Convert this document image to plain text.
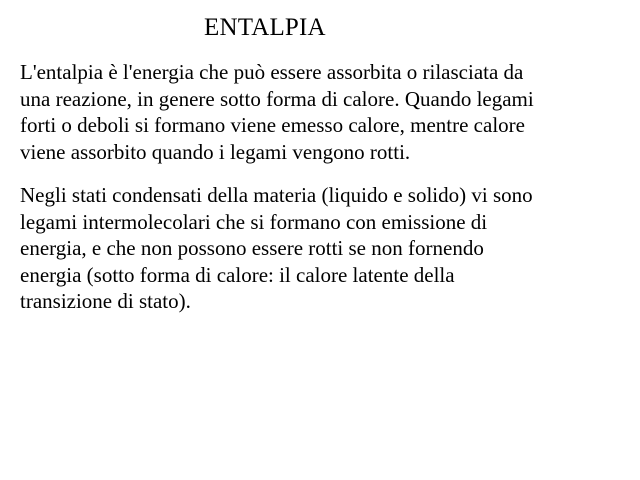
ENTALPIA

L'entalpia è l'energia che può essere assorbita o rilasciata da
una reazione, in genere sotto forma di calore. Quando legami
forti o deboli si formano viene emesso calore, mentre calore
viene assorbito quando i legami vengono rotti.

Negli stati condensati della materia (liquido e solido) vi sono
legami intermolecolari che si formano con emissione di
energia, e che non possono essere rotti se non fornendo
energia (sotto forma di calore: il calore latente della
transizione di stato).
